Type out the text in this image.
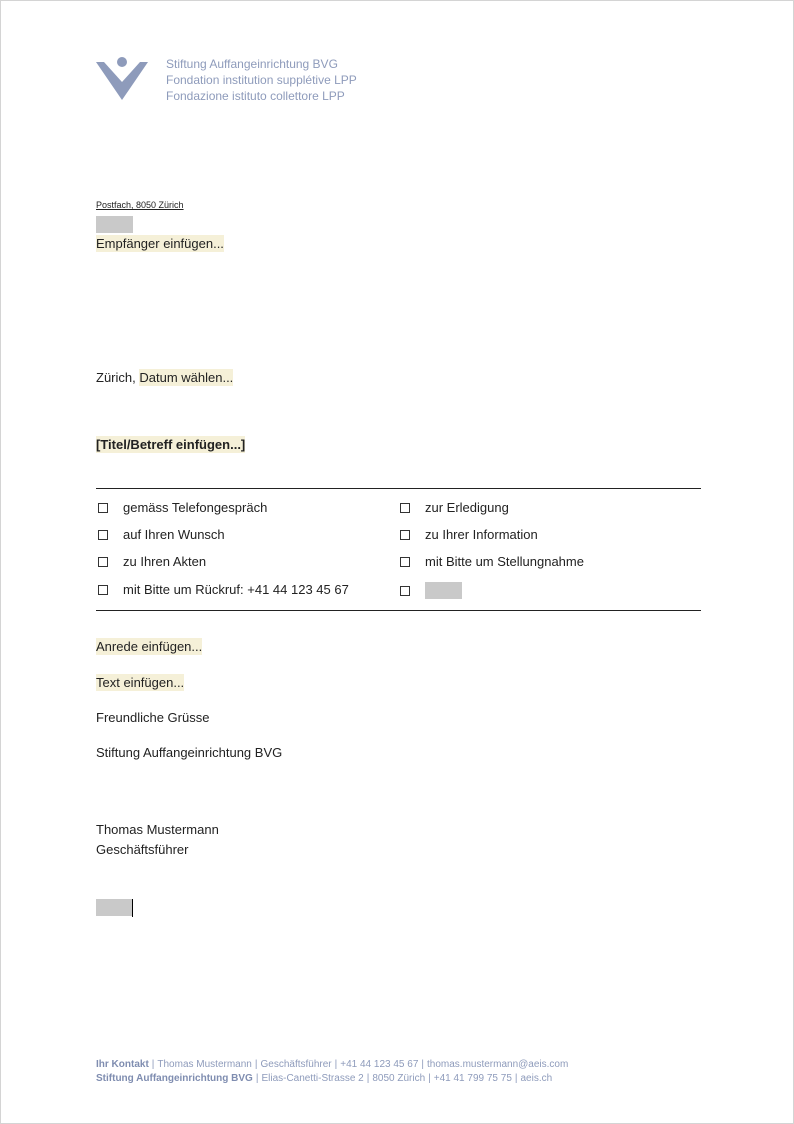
Stiftung Auffangeinrichtung BVG
Fondation institution supplétive LPP
Fondazione istituto collettore LPP
Postfach, 8050 Zürich
Empfänger einfügen...
Zürich, Datum wählen...
[Titel/Betreff einfügen...]
gemäss Telefongespräch
auf Ihren Wunsch
zu Ihren Akten
mit Bitte um Rückruf: +41 44 123 45 67
zur Erledigung
zu Ihrer Information
mit Bitte um Stellungnahme
Anrede einfügen...
Text einfügen...
Freundliche Grüsse
Stiftung Auffangeinrichtung BVG
Thomas Mustermann
Geschäftsführer
Ihr Kontakt | Thomas Mustermann | Geschäftsführer | +41 44 123 45 67 | thomas.mustermann@aeis.com
Stiftung Auffangeinrichtung BVG | Elias-Canetti-Strasse 2 | 8050 Zürich | +41 41 799 75 75 | aeis.ch
